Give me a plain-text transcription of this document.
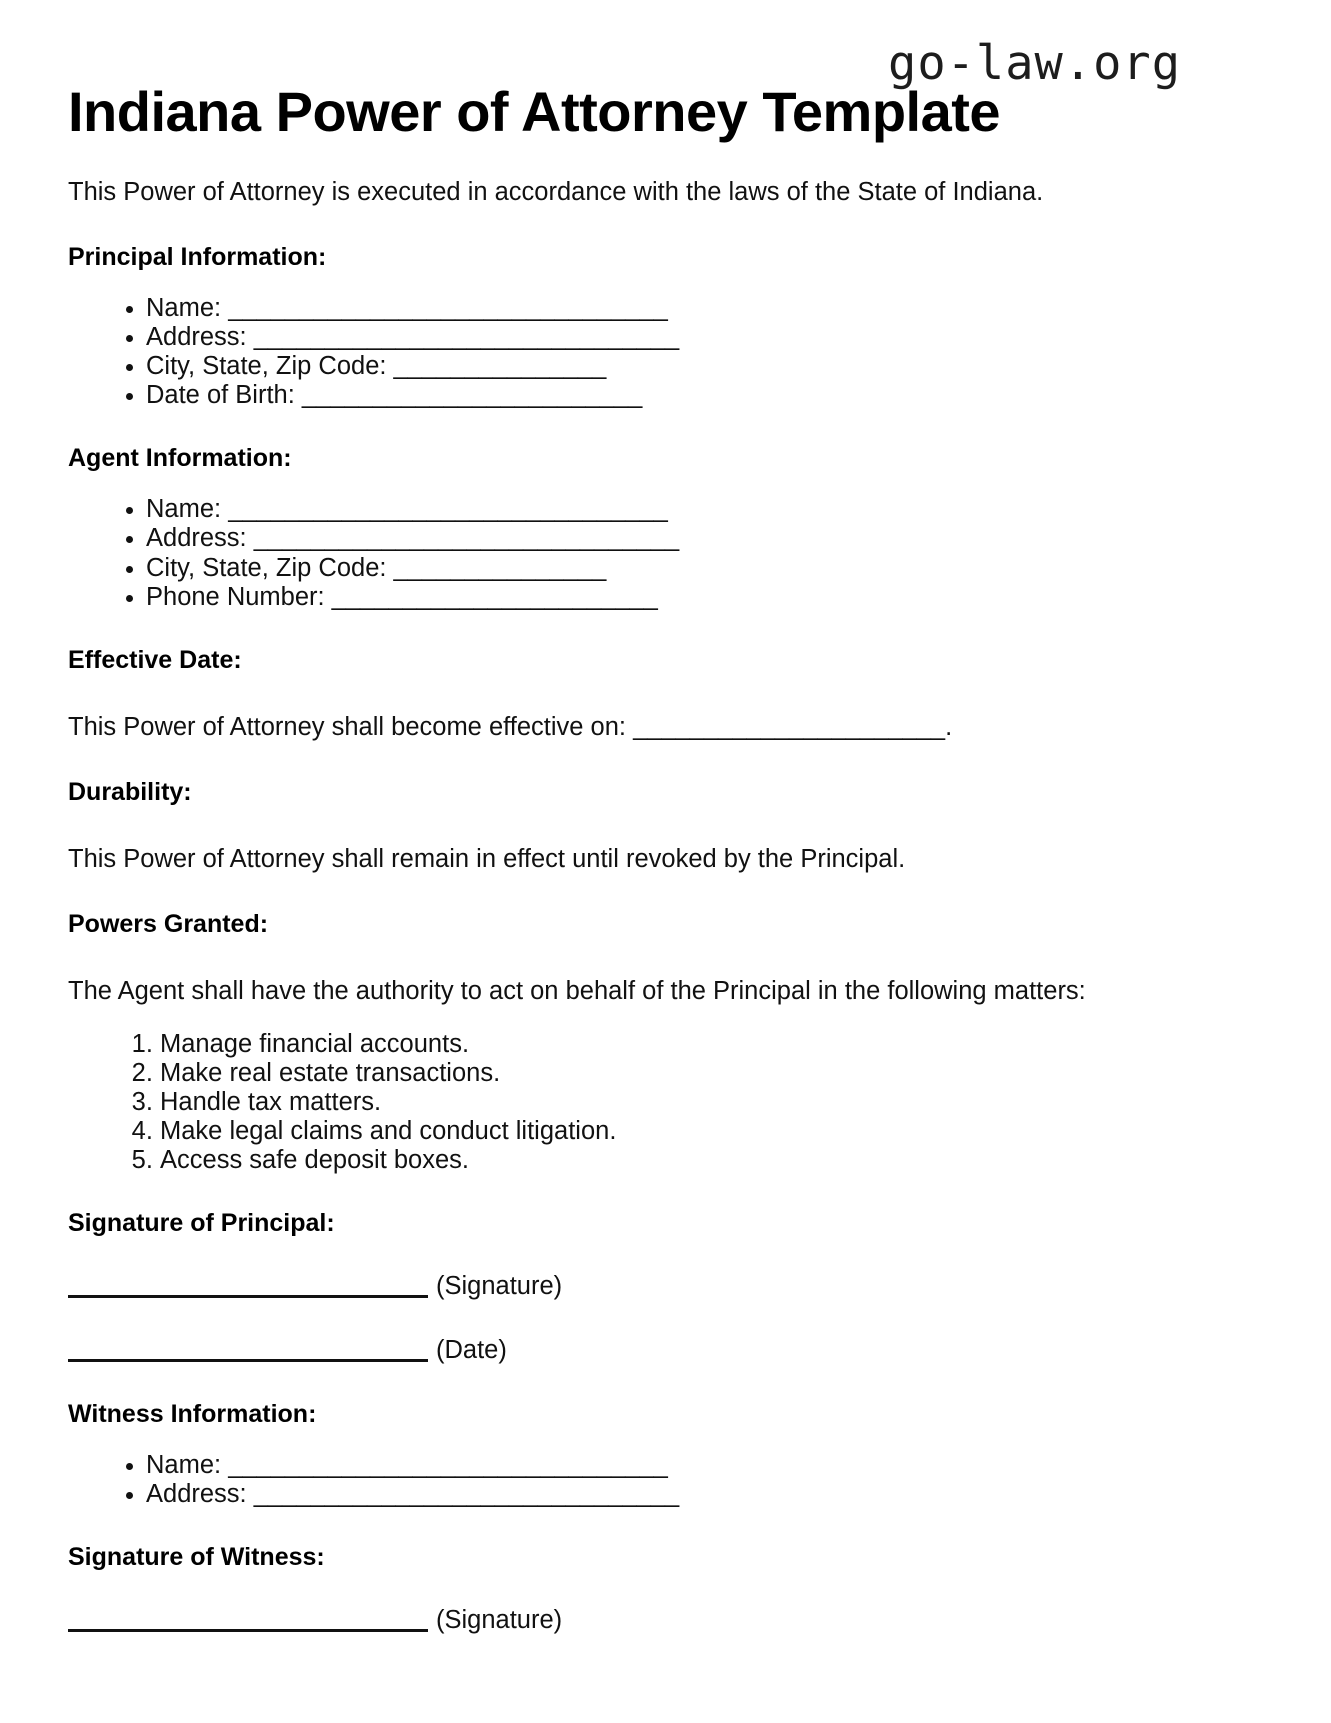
go-law.org
Indiana Power of Attorney Template

This Power of Attorney is executed in accordance with the laws of the State of Indiana.

Principal Information:
• Name: _______________________________
• Address: ______________________________
• City, State, Zip Code: _______________
• Date of Birth: ________________________
Agent Information:
• Name: _______________________________
• Address: ______________________________
• City, State, Zip Code: _______________
• Phone Number: _______________________
Effective Date:

This Power of Attorney shall become effective on: ______________________.

Durability:

This Power of Attorney shall remain in effect until revoked by the Principal.

Powers Granted:

The Agent shall have the authority to act on behalf of the Principal in the following matters:

1. Manage financial accounts.
2. Make real estate transactions.
3. Handle tax matters.
4. Make legal claims and conduct litigation.
5. Access safe deposit boxes.
Signature of Principal:
(Signature)
(Date)
Witness Information:
• Name: _______________________________
• Address: ______________________________
Signature of Witness:
(Signature)
